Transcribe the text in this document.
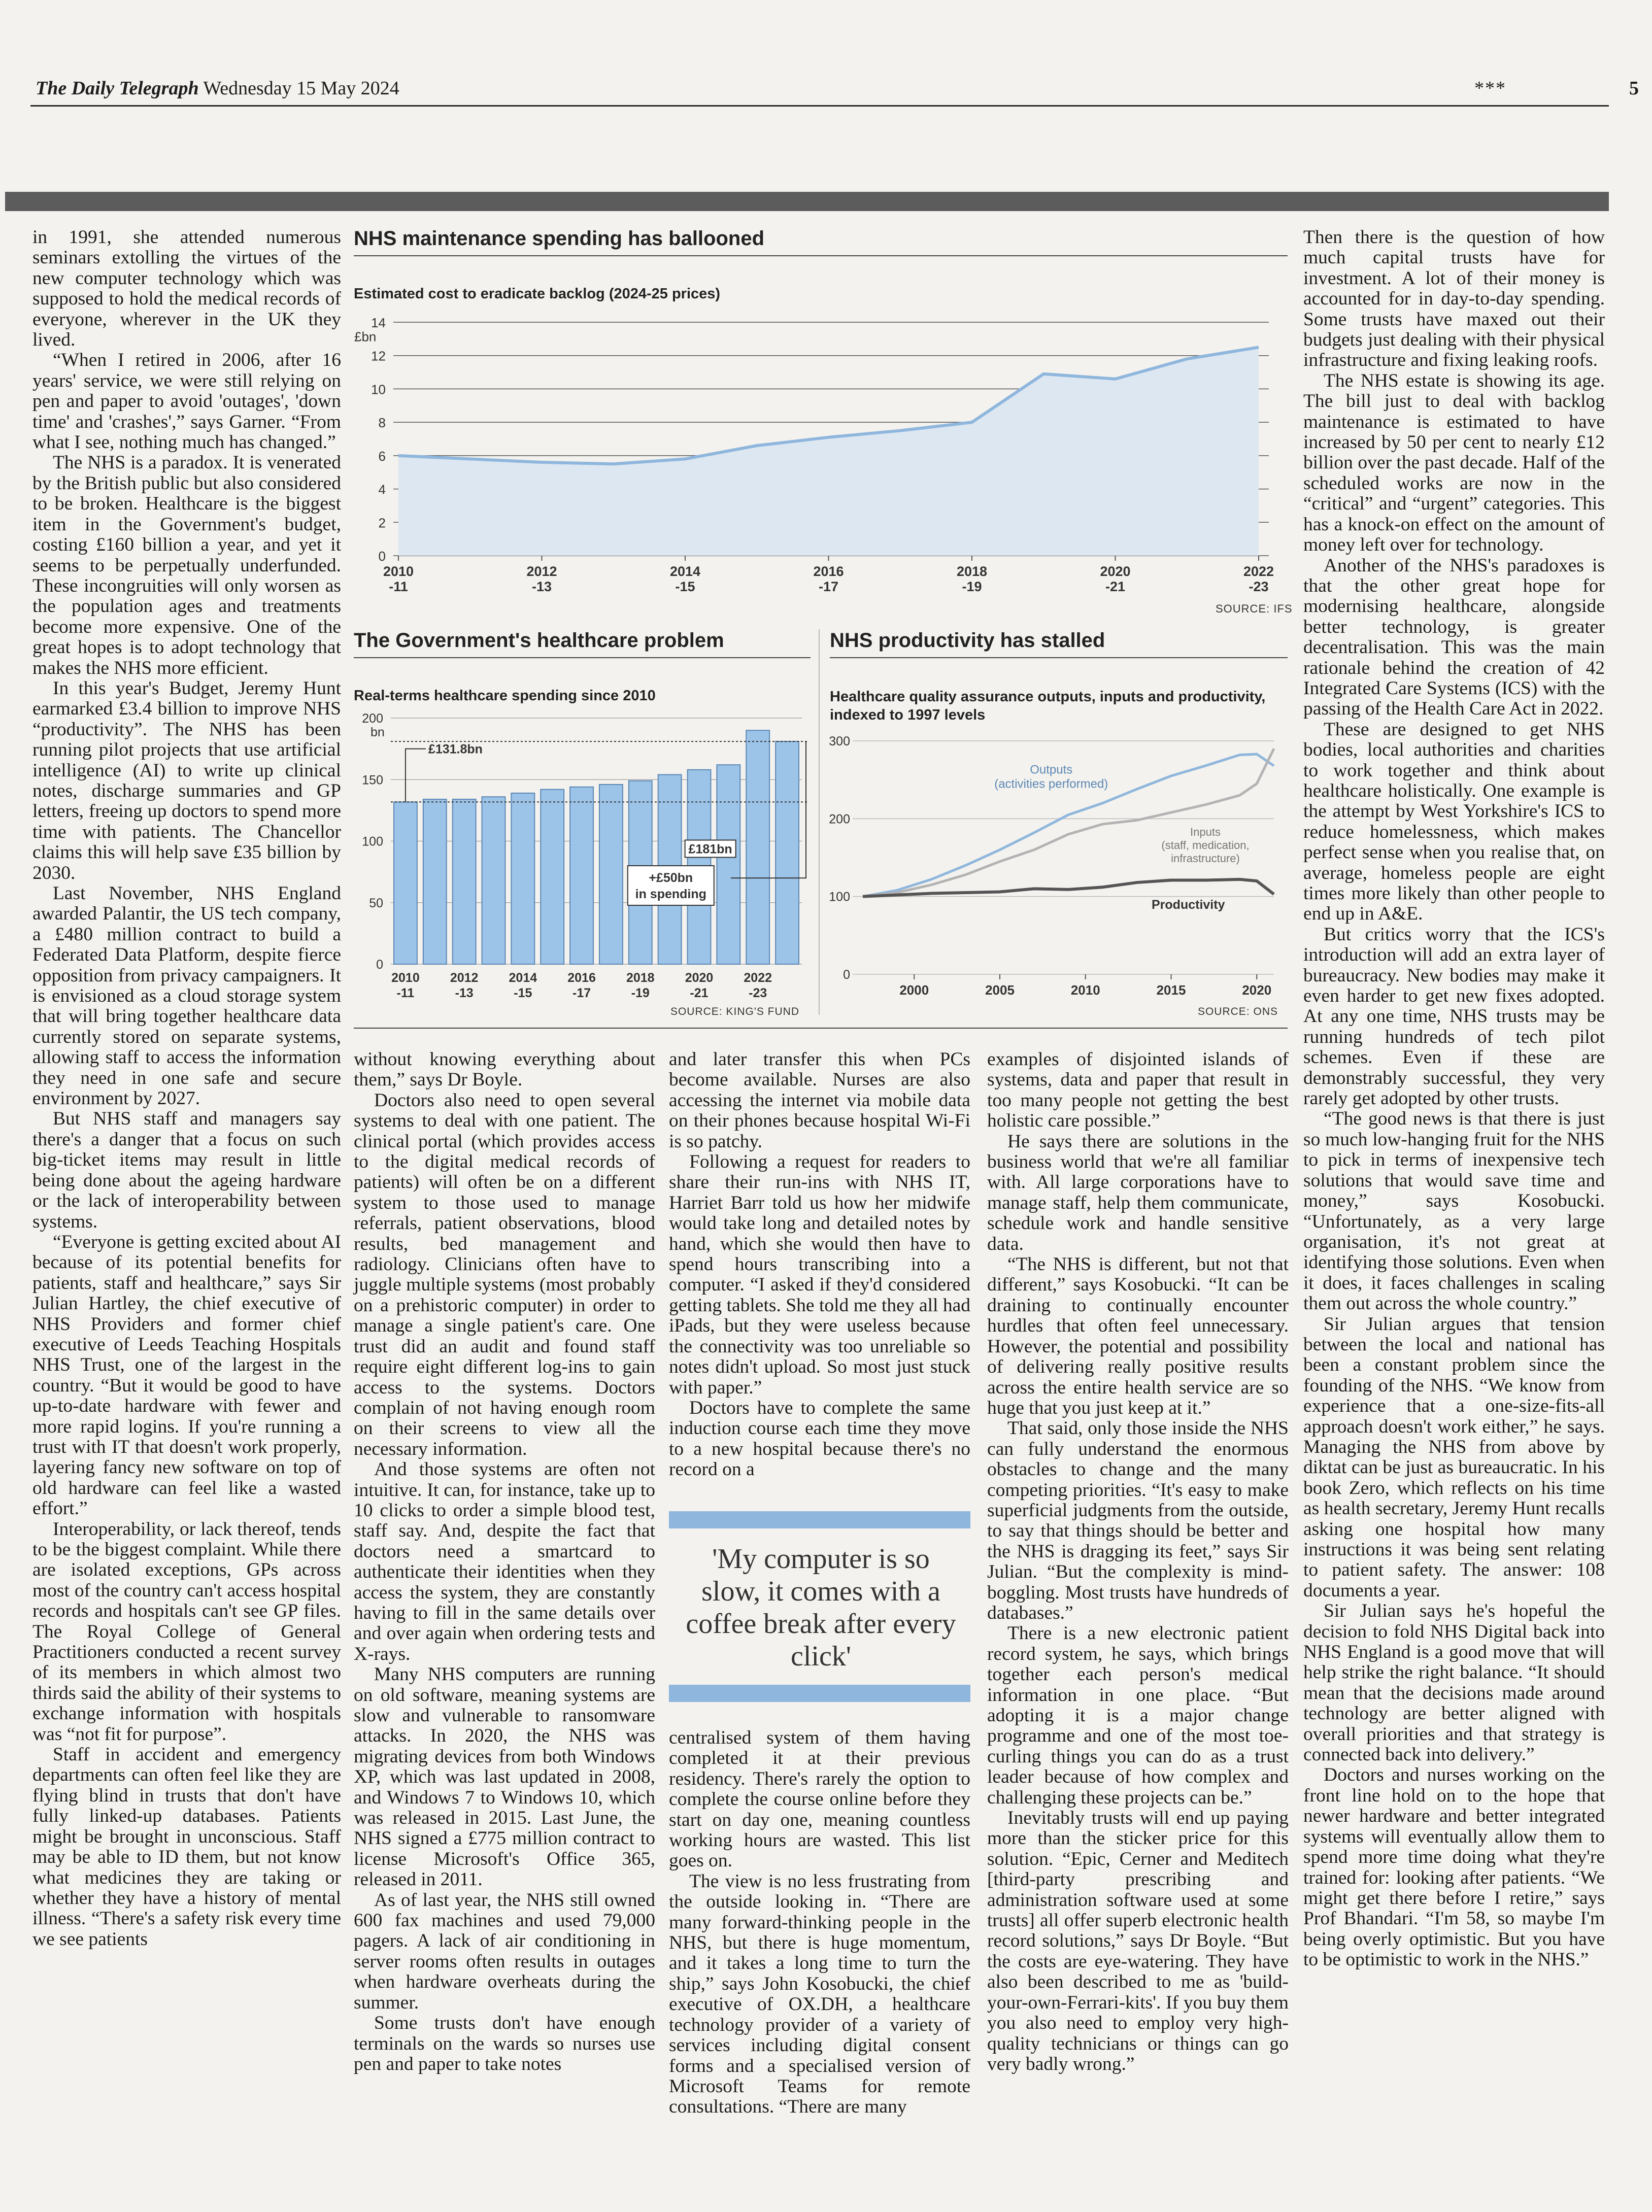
The Daily Telegraph Wednesday 15 May 2024	***	5

in 1991, she attended numerous seminars extolling the virtues of the new computer technology which was supposed to hold the medical records of everyone, wherever in the UK they lived.

“When I retired in 2006, after 16 years' service, we were still relying on pen and paper to avoid 'outages', 'down time' and 'crashes',” says Garner. “From what I see, nothing much has changed.”

The NHS is a paradox. It is venerated by the British public but also considered to be broken. Healthcare is the biggest item in the Government's budget, costing £160 billion a year, and yet it seems to be perpetually underfunded. These incongruities will only worsen as the population ages and treatments become more expensive. One of the great hopes is to adopt technology that makes the NHS more efficient.

In this year's Budget, Jeremy Hunt earmarked £3.4 billion to improve NHS “productivity”. The NHS has been running pilot projects that use artificial intelligence (AI) to write up clinical notes, discharge summaries and GP letters, freeing up doctors to spend more time with patients. The Chancellor claims this will help save £35 billion by 2030.

Last November, NHS England awarded Palantir, the US tech company, a £480 million contract to build a Federated Data Platform, despite fierce opposition from privacy campaigners. It is envisioned as a cloud storage system that will bring together healthcare data currently stored on separate systems, allowing staff to access the information they need in one safe and secure environment by 2027.

But NHS staff and managers say there's a danger that a focus on such big-ticket items may result in little being done about the ageing hardware or the lack of interoperability between systems.

“Everyone is getting excited about AI because of its potential benefits for patients, staff and healthcare,” says Sir Julian Hartley, the chief executive of NHS Providers and former chief executive of Leeds Teaching Hospitals NHS Trust, one of the largest in the country. “But it would be good to have up-to-date hardware with fewer and more rapid logins. If you're running a trust with IT that doesn't work properly, layering fancy new software on top of old hardware can feel like a wasted effort.”

Interoperability, or lack thereof, tends to be the biggest complaint. While there are isolated exceptions, GPs across most of the country can't access hospital records and hospitals can't see GP files. The Royal College of General Practitioners conducted a recent survey of its members in which almost two thirds said the ability of their systems to exchange information with hospitals was “not fit for purpose”.

Staff in accident and emergency departments can often feel like they are flying blind in trusts that don't have fully linked-up databases. Patients might be brought in unconscious. Staff may be able to ID them, but not know what medicines they are taking or whether they have a history of mental illness. “There's a safety risk every time we see patients

NHS maintenance spending has ballooned
Estimated cost to eradicate backlog (2024-25 prices)
0
2
4
6
8
10
12
14
£bn
2010
-11
2012
-13
2014
-15
2016
-17
2018
-19
2020
-21
2022
-23
SOURCE: IFS
The Government's healthcare problem
Real-terms healthcare spending since 2010
0
50
100
150
200
bn
£131.8bn
£181bn
+£50bn
in spending
2010
-11
2012
-13
2014
-15
2016
-17
2018
-19
2020
-21
2022
-23
SOURCE: KING'S FUND
NHS productivity has stalled
Healthcare quality assurance outputs, inputs and productivity,
indexed to 1997 levels
0
100
200
300
2000	2005	2010	2015	2020
Outputs
(activities performed)
Inputs
(staff, medication,
infrastructure)
Productivity
SOURCE: ONS

without knowing everything about them,” says Dr Boyle.

Doctors also need to open several systems to deal with one patient. The clinical portal (which provides access to the digital medical records of patients) will often be on a different system to those used to manage referrals, patient observations, blood results, bed management and radiology. Clinicians often have to juggle multiple systems (most probably on a prehistoric computer) in order to manage a single patient's care. One trust did an audit and found staff require eight different log-ins to gain access to the systems. Doctors complain of not having enough room on their screens to view all the necessary information.

And those systems are often not intuitive. It can, for instance, take up to 10 clicks to order a simple blood test, staff say. And, despite the fact that doctors need a smartcard to authenticate their identities when they access the system, they are constantly having to fill in the same details over and over again when ordering tests and X-rays.

Many NHS computers are running on old software, meaning systems are slow and vulnerable to ransomware attacks. In 2020, the NHS was migrating devices from both Windows XP, which was last updated in 2008, and Windows 7 to Windows 10, which was released in 2015. Last June, the NHS signed a £775 million contract to license Microsoft's Office 365, released in 2011.

As of last year, the NHS still owned 600 fax machines and used 79,000 pagers. A lack of air conditioning in server rooms often results in outages when hardware overheats during the summer.

Some trusts don't have enough terminals on the wards so nurses use pen and paper to take notes

and later transfer this when PCs become available. Nurses are also accessing the internet via mobile data on their phones because hospital Wi-Fi is so patchy.

Following a request for readers to share their run-ins with NHS IT, Harriet Barr told us how her midwife would take long and detailed notes by hand, which she would then have to spend hours transcribing into a computer. “I asked if they'd considered getting tablets. She told me they all had iPads, but they were useless because the connectivity was too unreliable so notes didn't upload. So most just stuck with paper.”

Doctors have to complete the same induction course each time they move to a new hospital because there's no record on a

'My computer is so slow, it comes with a coffee break after every click'

centralised system of them having completed it at their previous residency. There's rarely the option to complete the course online before they start on day one, meaning countless working hours are wasted. This list goes on.

The view is no less frustrating from the outside looking in. “There are many forward-thinking people in the NHS, but there is huge momentum, and it takes a long time to turn the ship,” says John Kosobucki, the chief executive of OX.DH, a healthcare technology provider of a variety of services including digital consent forms and a specialised version of Microsoft Teams for remote consultations. “There are many

examples of disjointed islands of systems, data and paper that result in too many people not getting the best holistic care possible.”

He says there are solutions in the business world that we're all familiar with. All large corporations have to manage staff, help them communicate, schedule work and handle sensitive data.

“The NHS is different, but not that different,” says Kosobucki. “It can be draining to continually encounter hurdles that often feel unnecessary. However, the potential and possibility of delivering really positive results across the entire health service are so huge that you just keep at it.”

That said, only those inside the NHS can fully understand the enormous obstacles to change and the many competing priorities. “It's easy to make superficial judgments from the outside, to say that things should be better and the NHS is dragging its feet,” says Sir Julian. “But the complexity is mind-boggling. Most trusts have hundreds of databases.”

There is a new electronic patient record system, he says, which brings together each person's medical information in one place. “But adopting it is a major change programme and one of the most toe-curling things you can do as a trust leader because of how complex and challenging these projects can be.”

Inevitably trusts will end up paying more than the sticker price for this solution. “Epic, Cerner and Meditech [third-party prescribing and administration software used at some trusts] all offer superb electronic health record solutions,” says Dr Boyle. “But the costs are eye-watering. They have also been described to me as 'build-your-own-Ferrari-kits'. If you buy them you also need to employ very high-quality technicians or things can go very badly wrong.”

Then there is the question of how much capital trusts have for investment. A lot of their money is accounted for in day-to-day spending. Some trusts have maxed out their budgets just dealing with their physical infrastructure and fixing leaking roofs.

The NHS estate is showing its age. The bill just to deal with backlog maintenance is estimated to have increased by 50 per cent to nearly £12 billion over the past decade. Half of the scheduled works are now in the “critical” and “urgent” categories. This has a knock-on effect on the amount of money left over for technology.

Another of the NHS's paradoxes is that the other great hope for modernising healthcare, alongside better technology, is greater decentralisation. This was the main rationale behind the creation of 42 Integrated Care Systems (ICS) with the passing of the Health Care Act in 2022.

These are designed to get NHS bodies, local authorities and charities to work together and think about healthcare holistically. One example is the attempt by West Yorkshire's ICS to reduce homelessness, which makes perfect sense when you realise that, on average, homeless people are eight times more likely than other people to end up in A&E.

But critics worry that the ICS's introduction will add an extra layer of bureaucracy. New bodies may make it even harder to get new fixes adopted. At any one time, NHS trusts may be running hundreds of tech pilot schemes. Even if these are demonstrably successful, they very rarely get adopted by other trusts.

“The good news is that there is just so much low-hanging fruit for the NHS to pick in terms of inexpensive tech solutions that would save time and money,” says Kosobucki. “Unfortunately, as a very large organisation, it's not great at identifying those solutions. Even when it does, it faces challenges in scaling them out across the whole country.”

Sir Julian argues that tension between the local and national has been a constant problem since the founding of the NHS. “We know from experience that a one-size-fits-all approach doesn't work either,” he says. Managing the NHS from above by diktat can be just as bureaucratic. In his book Zero, which reflects on his time as health secretary, Jeremy Hunt recalls asking one hospital how many instructions it was being sent relating to patient safety. The answer: 108 documents a year.

Sir Julian says he's hopeful the decision to fold NHS Digital back into NHS England is a good move that will help strike the right balance. “It should mean that the decisions made around technology are better aligned with overall priorities and that strategy is connected back into delivery.”

Doctors and nurses working on the front line hold on to the hope that newer hardware and better integrated systems will eventually allow them to spend more time doing what they're trained for: looking after patients. “We might get there before I retire,” says Prof Bhandari. “I'm 58, so maybe I'm being overly optimistic. But you have to be optimistic to work in the NHS.”
